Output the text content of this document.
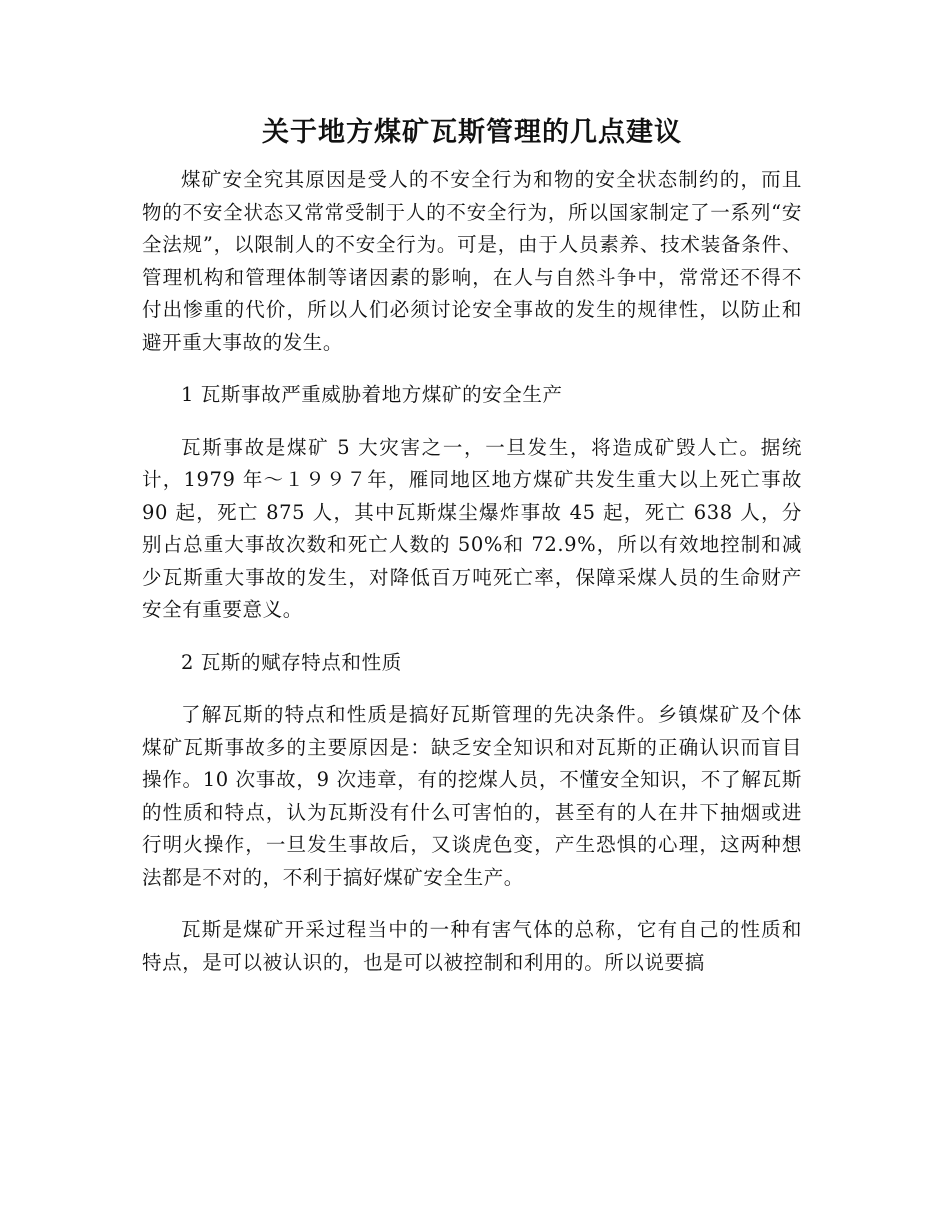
关于地方煤矿瓦斯管理的几点建议

煤矿安全究其原因是受人的不安全行为和物的安全状态制约的，而且物的不安全状态又常常受制于人的不安全行为，所以国家制定了一系列“安全法规”，以限制人的不安全行为。可是，由于人员素养、技术装备条件、管理机构和管理体制等诸因素的影响，在人与自然斗争中，常常还不得不付出惨重的代价，所以人们必须讨论安全事故的发生的规律性，以防止和避开重大事故的发生。

1 瓦斯事故严重威胁着地方煤矿的安全生产

瓦斯事故是煤矿 5 大灾害之一，一旦发生，将造成矿毁人亡。据统计，1979 年～１９９７年，雁同地区地方煤矿共发生重大以上死亡事故 90 起，死亡 875 人，其中瓦斯煤尘爆炸事故 45 起，死亡 638 人，分别占总重大事故次数和死亡人数的 50%和 72.9%，所以有效地控制和减少瓦斯重大事故的发生，对降低百万吨死亡率，保障采煤人员的生命财产安全有重要意义。

2 瓦斯的赋存特点和性质

了解瓦斯的特点和性质是搞好瓦斯管理的先决条件。乡镇煤矿及个体煤矿瓦斯事故多的主要原因是：缺乏安全知识和对瓦斯的正确认识而盲目操作。10 次事故，9 次违章，有的挖煤人员，不懂安全知识，不了解瓦斯的性质和特点，认为瓦斯没有什么可害怕的，甚至有的人在井下抽烟或进行明火操作，一旦发生事故后，又谈虎色变，产生恐惧的心理，这两种想法都是不对的，不利于搞好煤矿安全生产。

瓦斯是煤矿开采过程当中的一种有害气体的总称，它有自己的性质和特点，是可以被认识的，也是可以被控制和利用的。所以说要搞
